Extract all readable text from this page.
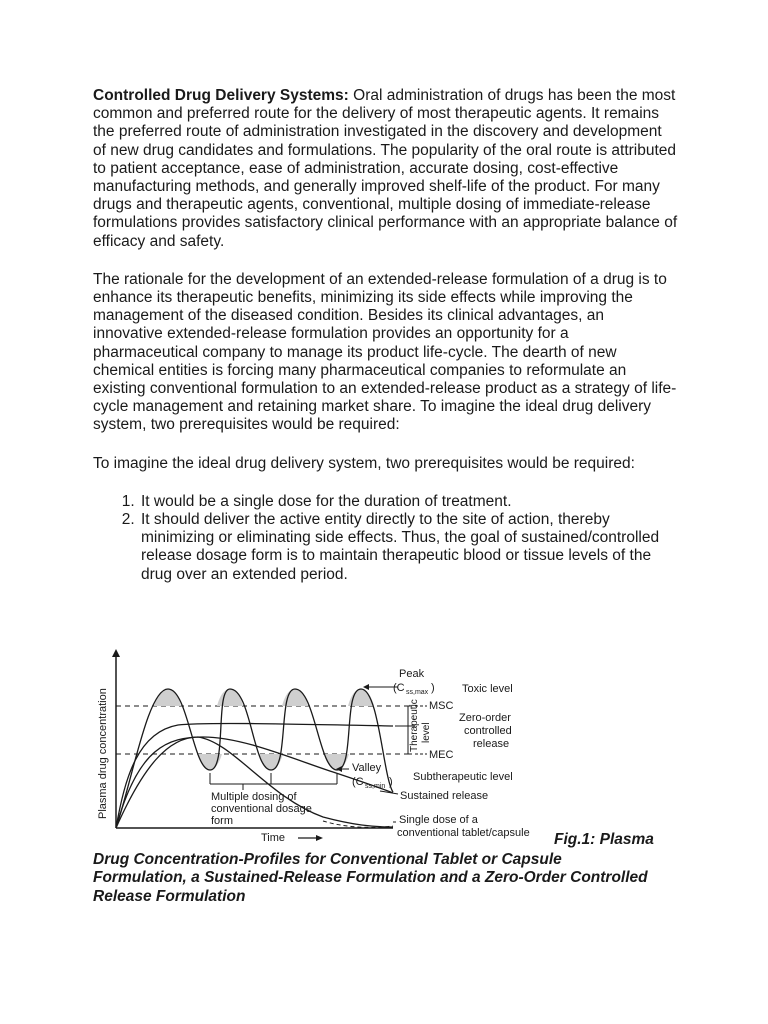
Controlled Drug Delivery Systems: Oral administration of drugs has been the most common and preferred route for the delivery of most therapeutic agents. It remains the preferred route of administration investigated in the discovery and development of new drug candidates and formulations. The popularity of the oral route is attributed to patient acceptance, ease of administration, accurate dosing, cost-effective manufacturing methods, and generally improved shelf-life of the product. For many drugs and therapeutic agents, conventional, multiple dosing of immediate-release formulations provides satisfactory clinical performance with an appropriate balance of efficacy and safety.

The rationale for the development of an extended-release formulation of a drug is to enhance its therapeutic benefits, minimizing its side effects while improving the management of the diseased condition. Besides its clinical advantages, an innovative extended-release formulation provides an opportunity for a pharmaceutical company to manage its product life-cycle. The dearth of new chemical entities is forcing many pharmaceutical companies to reformulate an existing conventional formulation to an extended-release product as a strategy of life-cycle management and retaining market share. To imagine the ideal drug delivery system, two prerequisites would be required:

To imagine the ideal drug delivery system, two prerequisites would be required:

1. It would be a single dose for the duration of treatment.
2. It should deliver the active entity directly to the site of action, thereby minimizing or eliminating side effects. Thus, the goal of sustained/controlled release dosage form is to maintain therapeutic blood or tissue levels of the drug over an extended period.
Plasma drug concentration
Time
Peak
(C ss,max ) Toxic level
MSC
Therapeutic level
Zero-order
controlled
release
MEC
Valley
(C ss,min ) Subtherapeutic level
Multiple dosing of
conventional dosage
form
Sustained release
Single dose of a
conventional tablet/capsule Fig.1: Plasma
Drug Concentration-Profiles for Conventional Tablet or Capsule Formulation, a Sustained-Release Formulation and a Zero-Order Controlled Release Formulation
